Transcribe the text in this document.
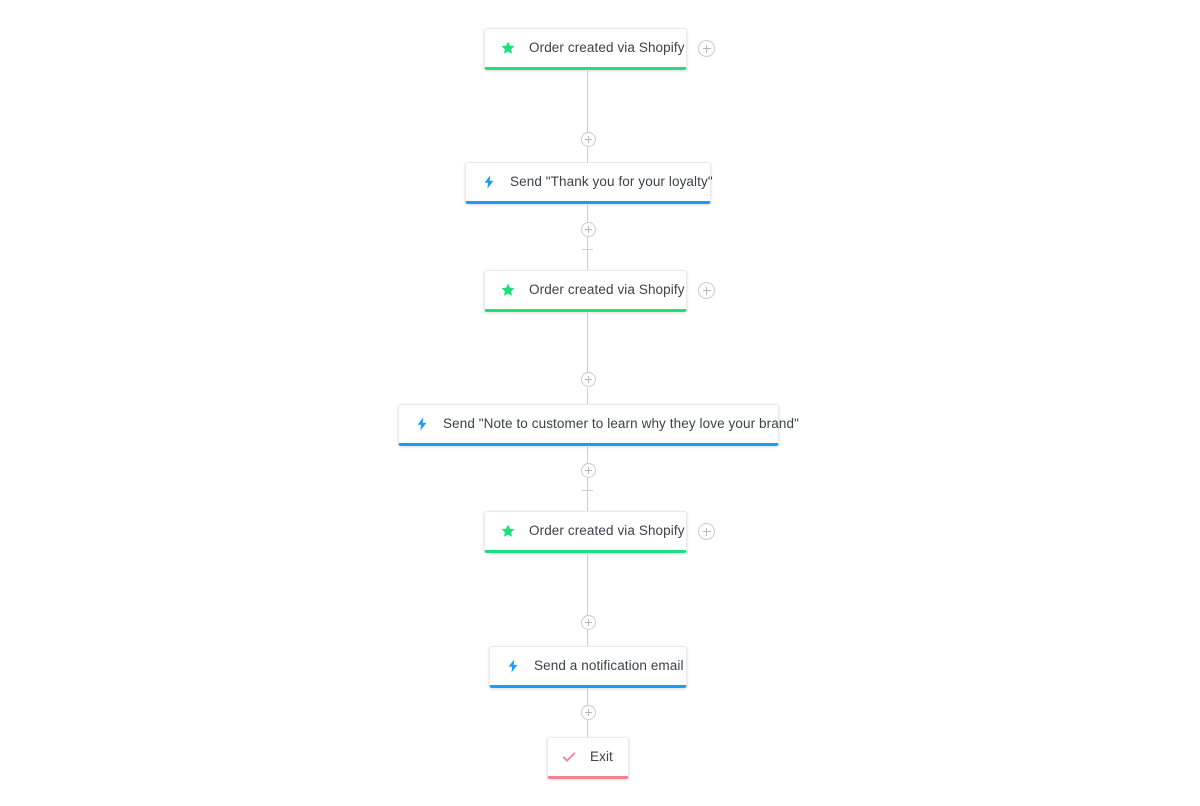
Order created via Shopify
Send "Thank you for your loyalty"
Order created via Shopify
Send "Note to customer to learn why they love your brand"
Order created via Shopify
Send a notification email
Exit
